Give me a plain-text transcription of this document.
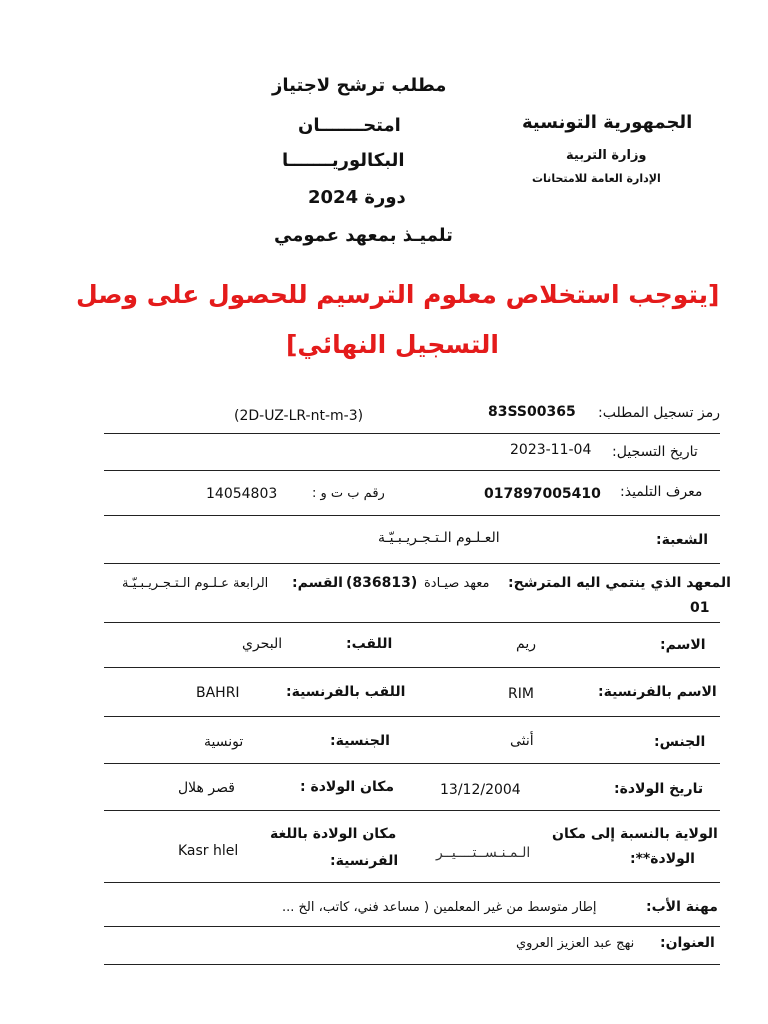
مطلب ترشح لاجتياز
امتحـــــــان
البكالوريـــــــا
دورة 2024
تلميـذ بمعهد عمومي
الجمهورية التونسية
وزارة التربية
الإدارة العامة للامتحانات
[يتوجب استخلاص معلوم الترسيم للحصول على وصل
التسجيل النهائي]
رمز تسجيل المطلب:
83SS00365
(2D-UZ-LR-nt-m-3)
تاريخ التسجيل:
2023-11-04
معرف التلميذ:
017897005410
رقم ب ت و :
14054803
الشعبة:
العـلـوم الـتـجـريـبـيّـة
المعهد الذي ينتمي اليه المترشح:
معهد صيـادة
(836813)
القسم:
الرابعة عـلـوم الـتـجـريـبـيّـة
01
الاسم:
ريم
اللقب:
البحري
الاسم بالفرنسية:
RIM
اللقب بالفرنسية:
BAHRI
الجنس:
أنثى
الجنسية:
تونسية
تاريخ الولادة:
13/12/2004
مكان الولادة :
قصر هلال
الولاية بالنسبة إلى مكان
الولادة**:
الـمـنـســتــــيــر
مكان الولادة باللغة
الفرنسية:
Kasr hlel
مهنة الأب:
إطار متوسط من غير المعلمين ( مساعد فني، كاتب، الخ ...
العنوان:
نهج عبد العزيز العروي
